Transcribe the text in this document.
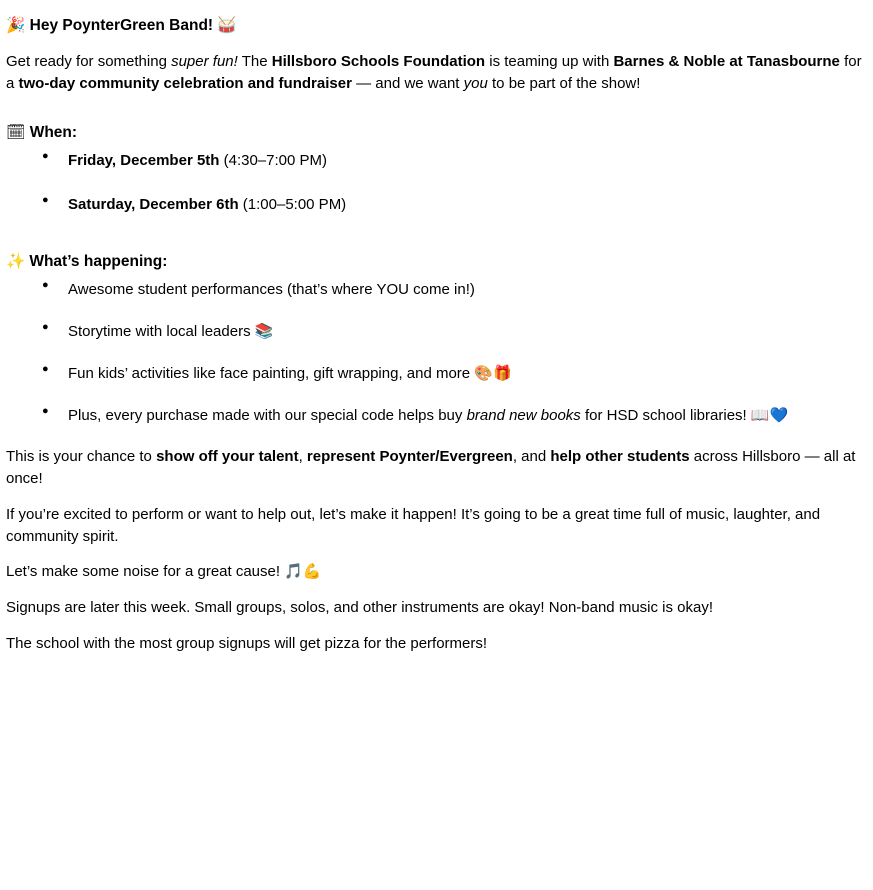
🎉 Hey PoynterGreen Band! 🥁

Get ready for something super fun! The Hillsboro Schools Foundation is teaming up with Barnes & Noble at Tanasbourne for a two-day community celebration and fundraiser — and we want you to be part of the show!

🗓 When:
● Friday, December 5th (4:30–7:00 PM)
● Saturday, December 6th (1:00–5:00 PM)
✨ What’s happening:
● Awesome student performances (that’s where YOU come in!)
● Storytime with local leaders 📚
● Fun kids’ activities like face painting, gift wrapping, and more 🎨🎁
● Plus, every purchase made with our special code helps buy brand new books for HSD school libraries! 📖💙

This is your chance to show off your talent, represent Poynter/Evergreen, and help other students across Hillsboro — all at once!

If you’re excited to perform or want to help out, let’s make it happen! It’s going to be a great time full of music, laughter, and community spirit.

Let’s make some noise for a great cause! 🎵💪

Signups are later this week. Small groups, solos, and other instruments are okay! Non-band music is okay!

The school with the most group signups will get pizza for the performers!
